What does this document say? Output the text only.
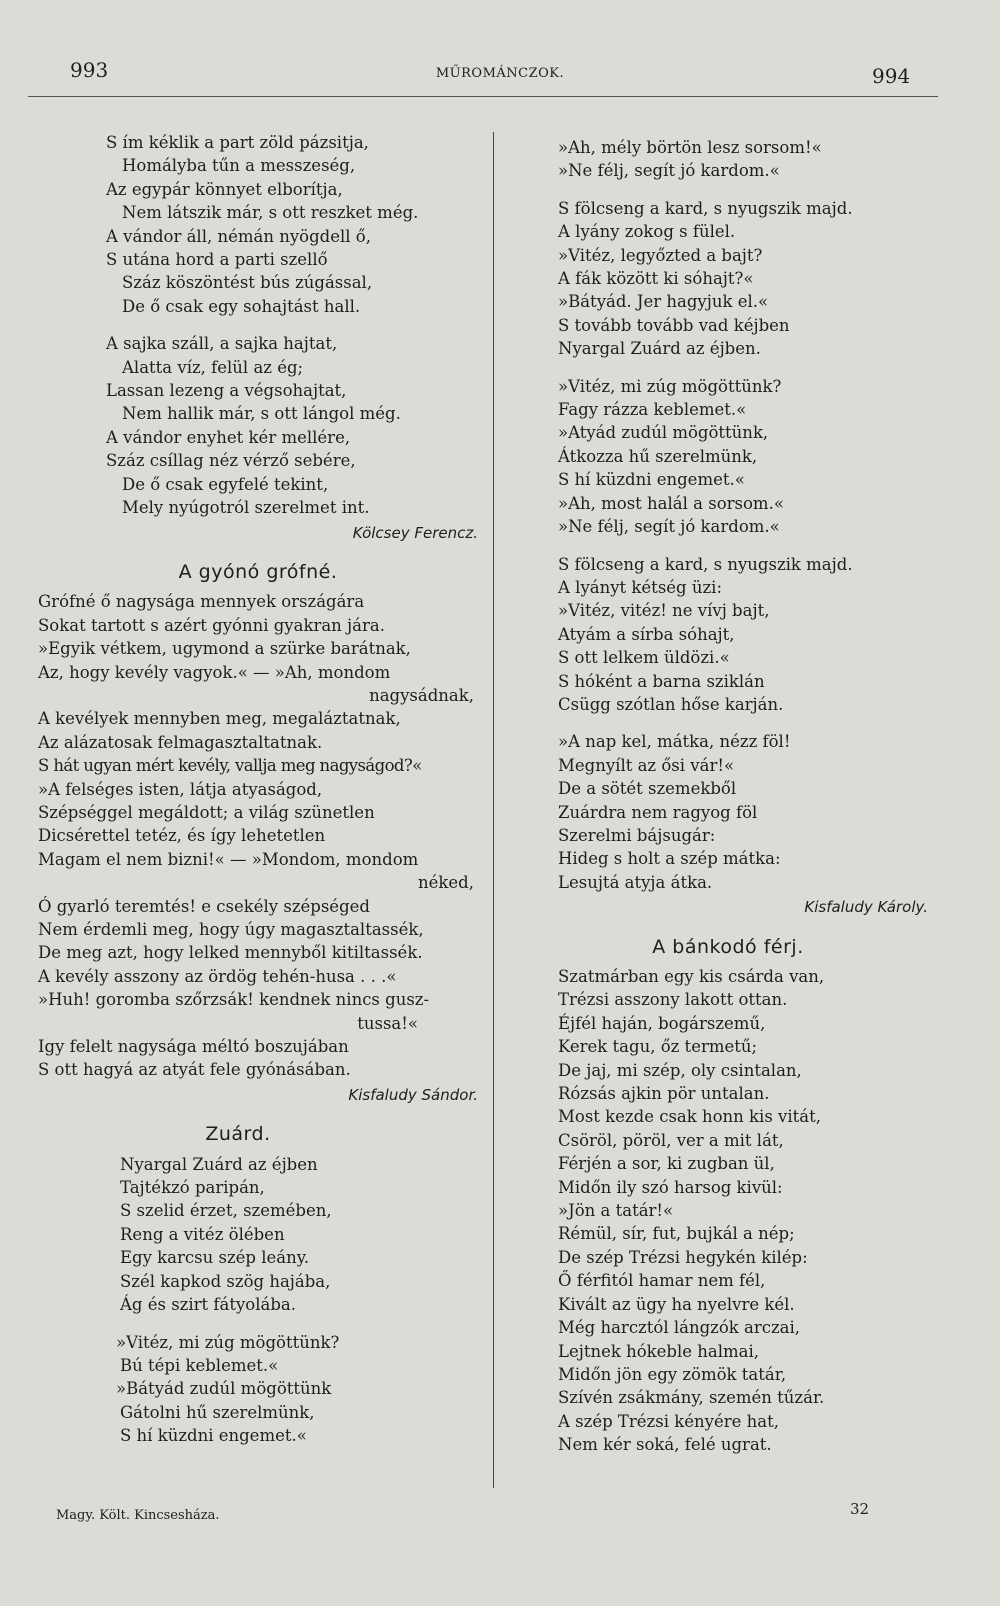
993	MŰROMÁNCZOK.	994
S ím kéklik a part zöld pázsitja,
Homályba tűn a messzeség,
Az egypár könnyet elborítja,
Nem látszik már, s ott reszket még.
A vándor áll, némán nyögdell ő,
S utána hord a parti szellő
Száz köszöntést bús zúgással,
De ő csak egy sohajtást hall.
A sajka száll, a sajka hajtat,
Alatta víz, felül az ég;
Lassan lezeng a végsohajtat,
Nem hallik már, s ott lángol még.
A vándor enyhet kér mellére,
Száz csíllag néz vérző sebére,
De ő csak egyfelé tekint,
Mely nyúgotról szerelmet int.
Kölcsey Ferencz.
A gyónó grófné.
Grófné ő nagysága mennyek országára
Sokat tartott s azért gyónni gyakran jára.
»Egyik vétkem, ugymond a szürke barátnak,
Az, hogy kevély vagyok.« — »Ah, mondom
nagysádnak,
A kevélyek mennyben meg, megaláztatnak,
Az alázatosak felmagasztaltatnak.
S hát ugyan mért kevély, vallja meg nagyságod?«
»A felséges isten, látja atyaságod,
Szépséggel megáldott; a világ szünetlen
Dicsérettel tetéz, és így lehetetlen
Magam el nem bizni!« — »Mondom, mondom
néked,
Ó gyarló teremtés! e csekély szépséged
Nem érdemli meg, hogy úgy magasztaltassék,
De meg azt, hogy lelked mennyből kitiltassék.
A kevély asszony az ördög tehén-husa . . .«
»Huh! goromba szőrzsák! kendnek nincs gusz-
tussa!«
Igy felelt nagysága méltó boszujában
S ott hagyá az atyát fele gyónásában.
Kisfaludy Sándor.
Zuárd.
Nyargal Zuárd az éjben
Tajtékzó paripán,
S szelid érzet, szemében,
Reng a vitéz ölében
Egy karcsu szép leány.
Szél kapkod szög hajába,
Ág és szirt fátyolába.
»Vitéz, mi zúg mögöttünk?
Bú tépi keblemet.«
»Bátyád zudúl mögöttünk
Gátolni hű szerelmünk,
S hí küzdni engemet.«
»Ah, mély börtön lesz sorsom!«
»Ne félj, segít jó kardom.«
S fölcseng a kard, s nyugszik majd.
A lyány zokog s fülel.
»Vitéz, legyőzted a bajt?
A fák között ki sóhajt?«
»Bátyád. Jer hagyjuk el.«
S tovább tovább vad kéjben
Nyargal Zuárd az éjben.
»Vitéz, mi zúg mögöttünk?
Fagy rázza keblemet.«
»Atyád zudúl mögöttünk,
Átkozza hű szerelmünk,
S hí küzdni engemet.«
»Ah, most halál a sorsom.«
»Ne félj, segít jó kardom.«
S fölcseng a kard, s nyugszik majd.
A lyányt kétség üzi:
»Vitéz, vitéz! ne vívj bajt,
Atyám a sírba sóhajt,
S ott lelkem üldözi.«
S hóként a barna sziklán
Csügg szótlan hőse karján.
»A nap kel, mátka, nézz föl!
Megnyílt az ősi vár!«
De a sötét szemekből
Zuárdra nem ragyog föl
Szerelmi bájsugár:
Hideg s holt a szép mátka:
Lesujtá atyja átka.
Kisfaludy Károly.
A bánkodó férj.
Szatmárban egy kis csárda van,
Trézsi asszony lakott ottan.
Éjfél haján, bogárszemű,
Kerek tagu, őz termetű;
De jaj, mi szép, oly csintalan,
Rózsás ajkin pör untalan.
Most kezde csak honn kis vitát,
Csöröl, pöröl, ver a mit lát,
Férjén a sor, ki zugban ül,
Midőn ily szó harsog kivül:
»Jön a tatár!«
Rémül, sír, fut, bujkál a nép;
De szép Trézsi hegykén kilép:
Ő férfitól hamar nem fél,
Kivált az ügy ha nyelvre kél.
Még harcztól lángzók arczai,
Lejtnek hókeble halmai,
Midőn jön egy zömök tatár,
Szívén zsákmány, szemén tűzár.
A szép Trézsi kényére hat,
Nem kér soká, felé ugrat.
Magy. Költ. Kincsesháza.	32
